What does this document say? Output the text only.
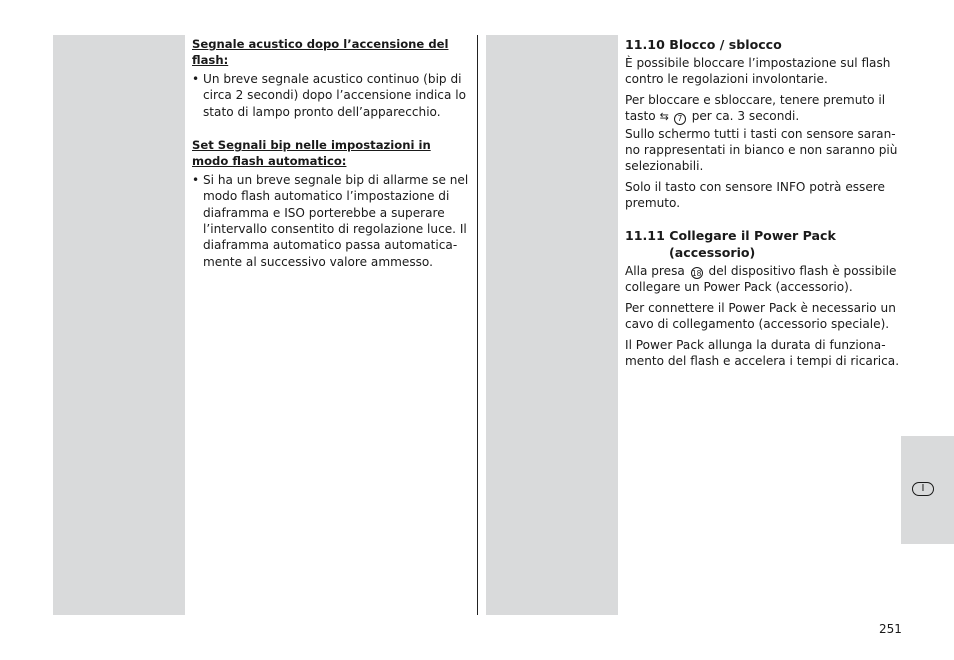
Segnale acustico dopo l’accensione del flash:

• Un breve segnale acustico continuo (bip di circa 2 secondi) dopo l’accensione indica lo stato di lampo pronto dell’apparecchio.

Set Segnali bip nelle impostazioni in modo flash automatico:

• Si ha un breve segnale bip di allarme se nel modo flash automatico l’impostazione di diaframma e ISO porterebbe a superare l’intervallo consentito di regolazione luce. Il diaframma automatico passa automatica-mente al successivo valore ammesso.

11.10 Blocco / sblocco

È possibile bloccare l’impostazione sul flash contro le regolazioni involontarie.

Per bloccare e sbloccare, tenere premuto il tasto ⇆ 7 per ca. 3 secondi.

Sullo schermo tutti i tasti con sensore saran-no rappresentati in bianco e non saranno più selezionabili.

Solo il tasto con sensore INFO potrà essere premuto.

11.11 Collegare il Power Pack

(accessorio)

Alla presa 18 del dispositivo flash è possibile collegare un Power Pack (accessorio).

Per connettere il Power Pack è necessario un cavo di collegamento (accessorio speciale).

Il Power Pack allunga la durata di funziona-mento del flash e accelera i tempi di ricarica.

I
251
